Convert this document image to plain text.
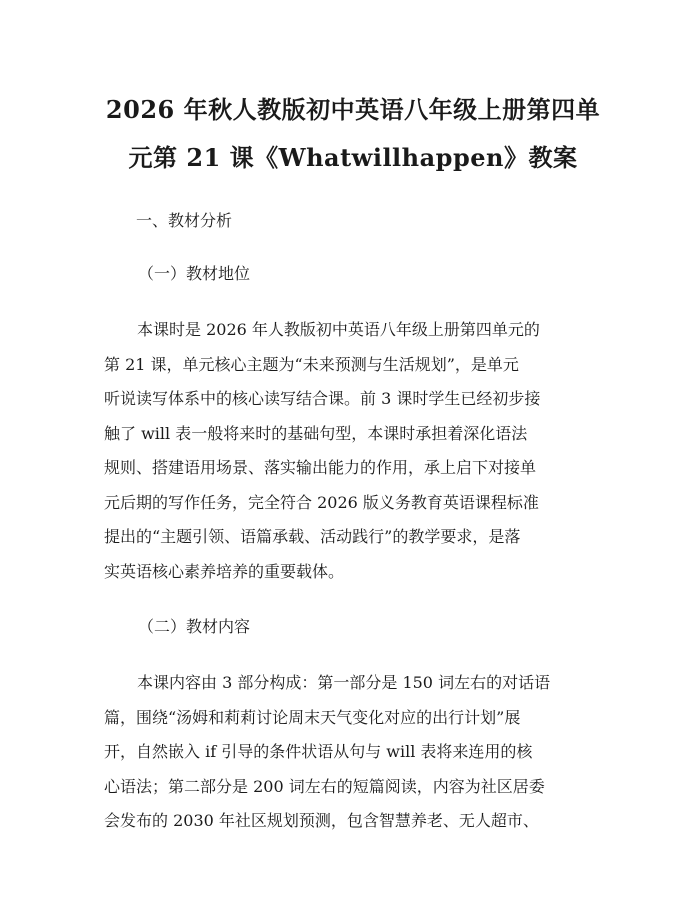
2026 年秋人教版初中英语八年级上册第四单
元第 21 课《Whatwillhappen》教案
一、教材分析
（一）教材地位
本课时是 2026 年人教版初中英语八年级上册第四单元的
第 21 课，单元核心主题为“未来预测与生活规划”，是单元
听说读写体系中的核心读写结合课。前 3 课时学生已经初步接
触了 will 表一般将来时的基础句型，本课时承担着深化语法
规则、搭建语用场景、落实输出能力的作用，承上启下对接单
元后期的写作任务，完全符合 2026 版义务教育英语课程标准
提出的“主题引领、语篇承载、活动践行”的教学要求，是落
实英语核心素养培养的重要载体。
（二）教材内容
本课内容由 3 部分构成：第一部分是 150 词左右的对话语
篇，围绕“汤姆和莉莉讨论周末天气变化对应的出行计划”展
开，自然嵌入 if 引导的条件状语从句与 will 表将来连用的核
心语法；第二部分是 200 词左右的短篇阅读，内容为社区居委
会发布的 2030 年社区规划预测，包含智慧养老、无人超市、
